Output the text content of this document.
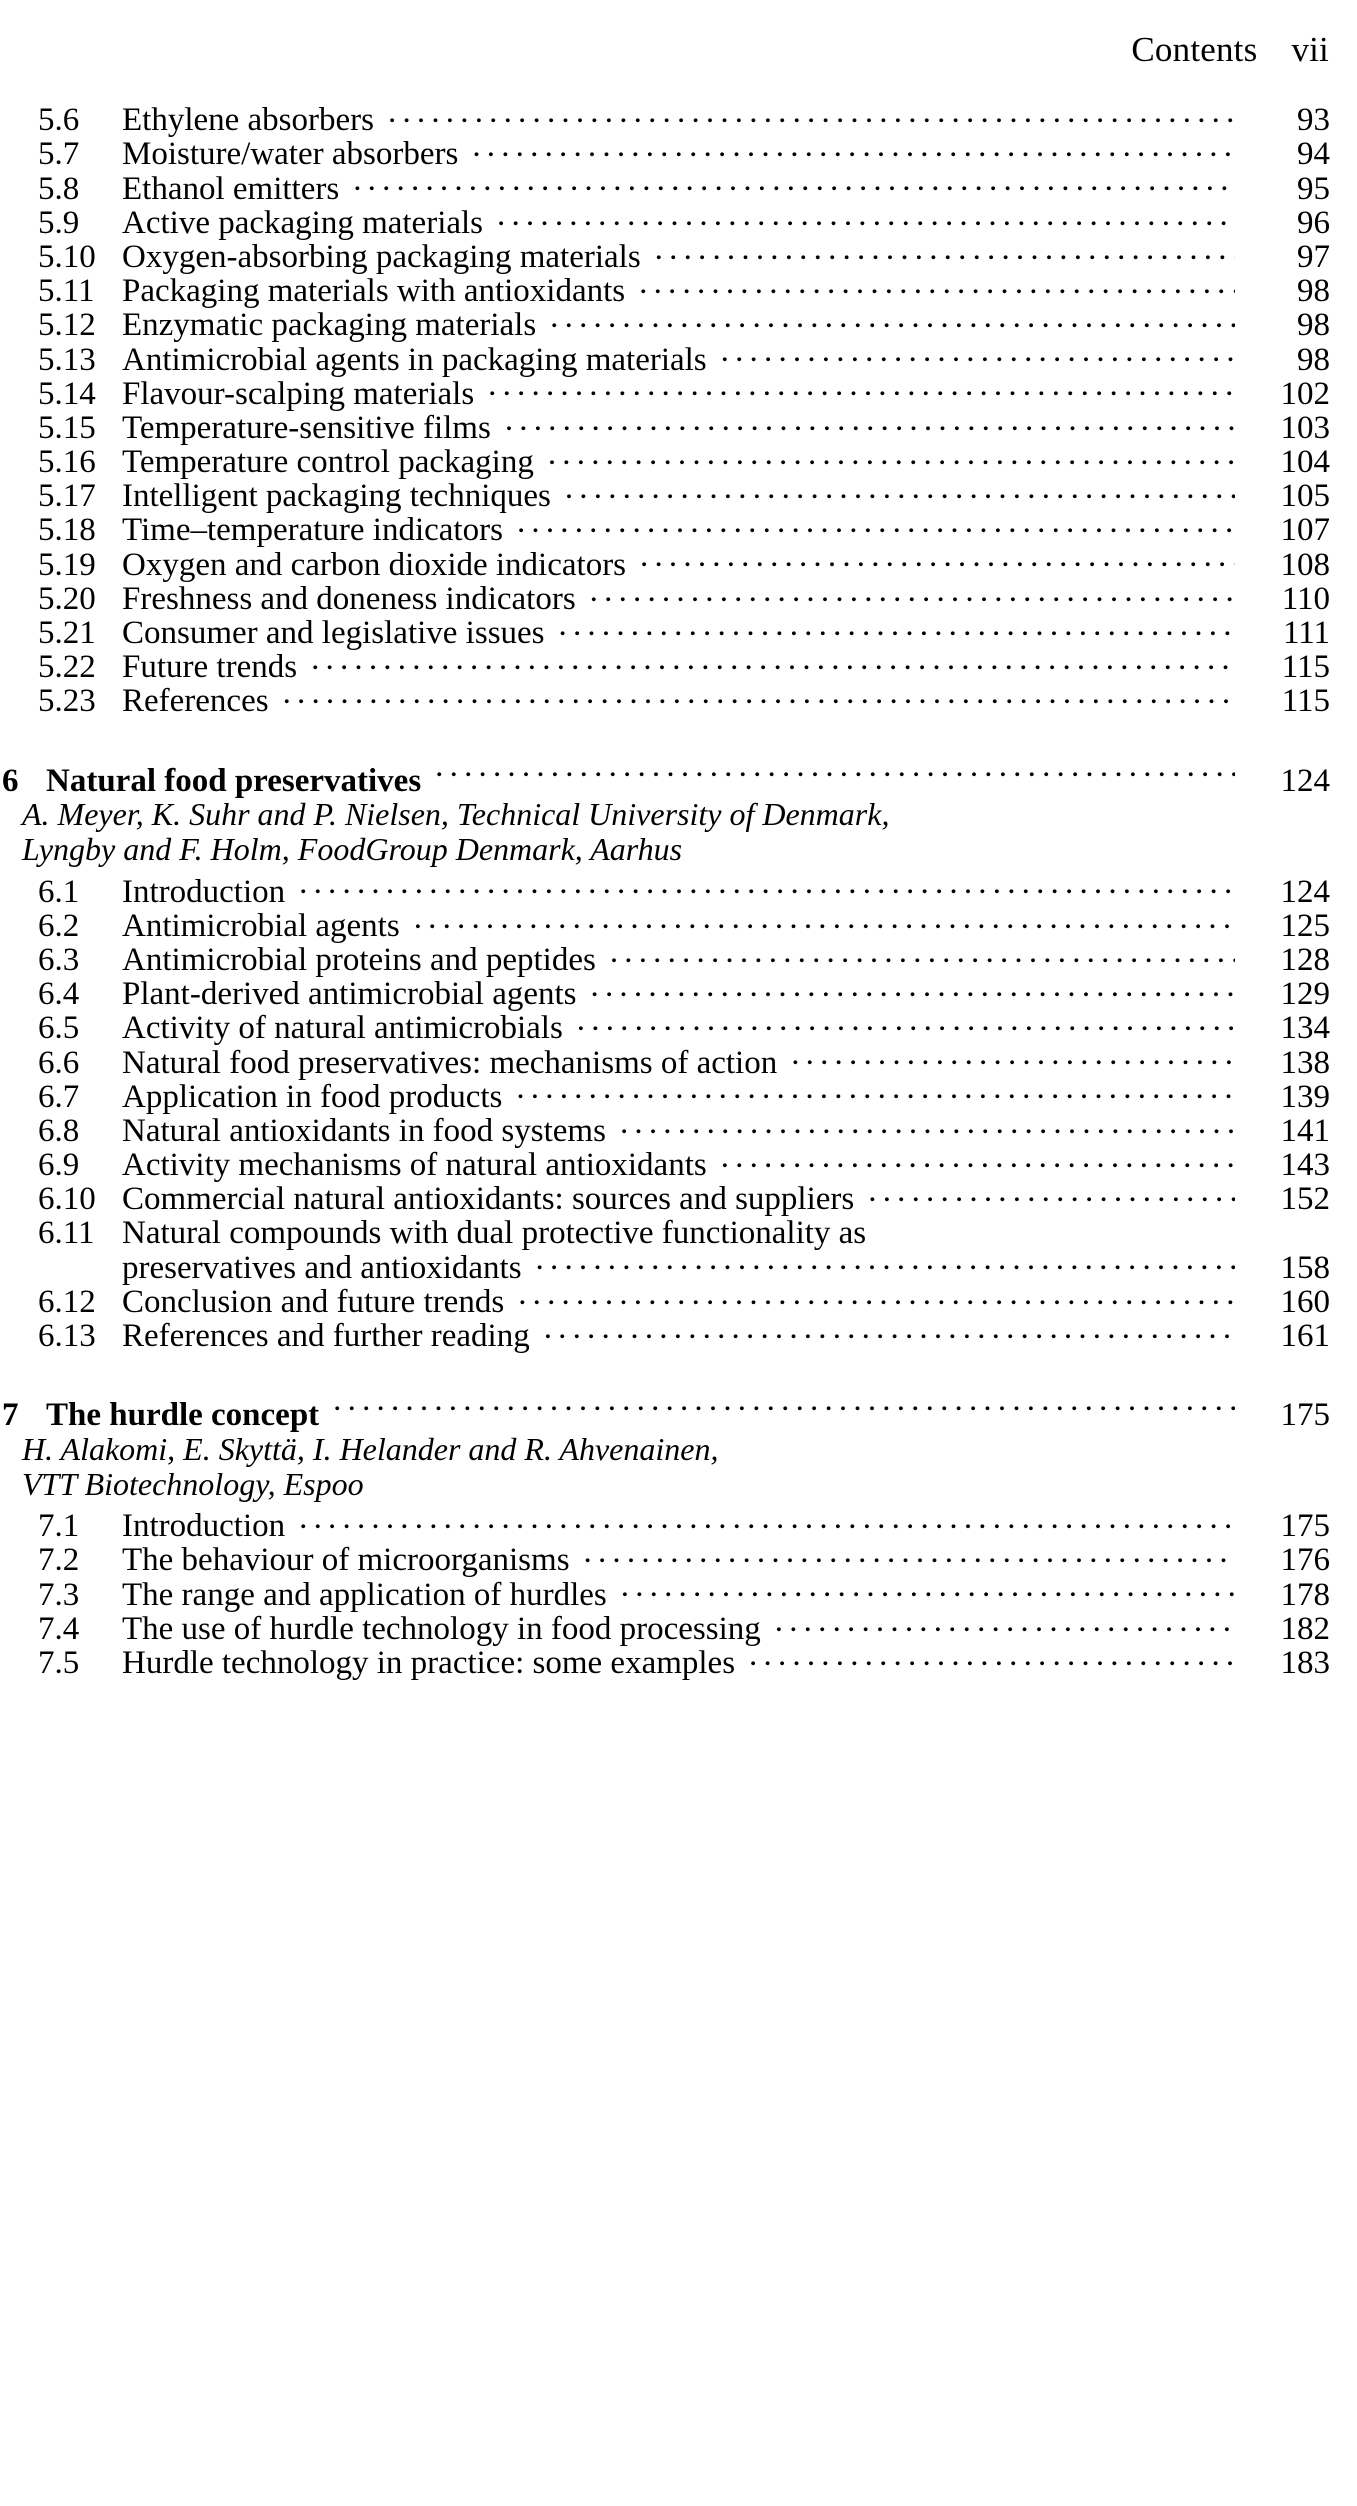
Contents vii
5.6	Ethylene absorbers .....	93
5.7	Moisture/water absorbers .....	94
5.8	Ethanol emitters .....	95
5.9	Active packaging materials .....	96
5.10 Oxygen-absorbing packaging materials .....	97
5.11 Packaging materials with antioxidants .....	98
5.12 Enzymatic packaging materials .....	98
5.13 Antimicrobial agents in packaging materials .....	98
5.14 Flavour-scalping materials .....	102
5.15 Temperature-sensitive films .....	103
5.16 Temperature control packaging .....	104
5.17 Intelligent packaging techniques .....	105
5.18 Time–temperature indicators .....	107
5.19 Oxygen and carbon dioxide indicators .....	108
5.20 Freshness and doneness indicators .....	110
5.21 Consumer and legislative issues .....	111
5.22 Future trends .....	115
5.23 References .....	115
6 Natural food preservatives .....	124
A. Meyer, K. Suhr and P. Nielsen, Technical University of Denmark,
Lyngby and F. Holm, FoodGroup Denmark, Aarhus
6.1	Introduction .....	124
6.2	Antimicrobial agents .....	125
6.3	Antimicrobial proteins and peptides .....	128
6.4	Plant-derived antimicrobial agents .....	129
6.5	Activity of natural antimicrobials .....	134
6.6	Natural food preservatives: mechanisms of action .....	138
6.7	Application in food products .....	139
6.8	Natural antioxidants in food systems .....	141
6.9	Activity mechanisms of natural antioxidants .....	143
6.10 Commercial natural antioxidants: sources and suppliers .....	152
6.11 Natural compounds with dual protective functionality as
preservatives and antioxidants .....	158
6.12 Conclusion and future trends .....	160
6.13 References and further reading .....	161
7 The hurdle concept .....	175
H. Alakomi, E. Skyttä, I. Helander and R. Ahvenainen,
VTT Biotechnology, Espoo
7.1	Introduction .....	175
7.2	The behaviour of microorganisms .....	176
7.3	The range and application of hurdles .....	178
7.4	The use of hurdle technology in food processing .....	182
7.5	Hurdle technology in practice: some examples .....	183
